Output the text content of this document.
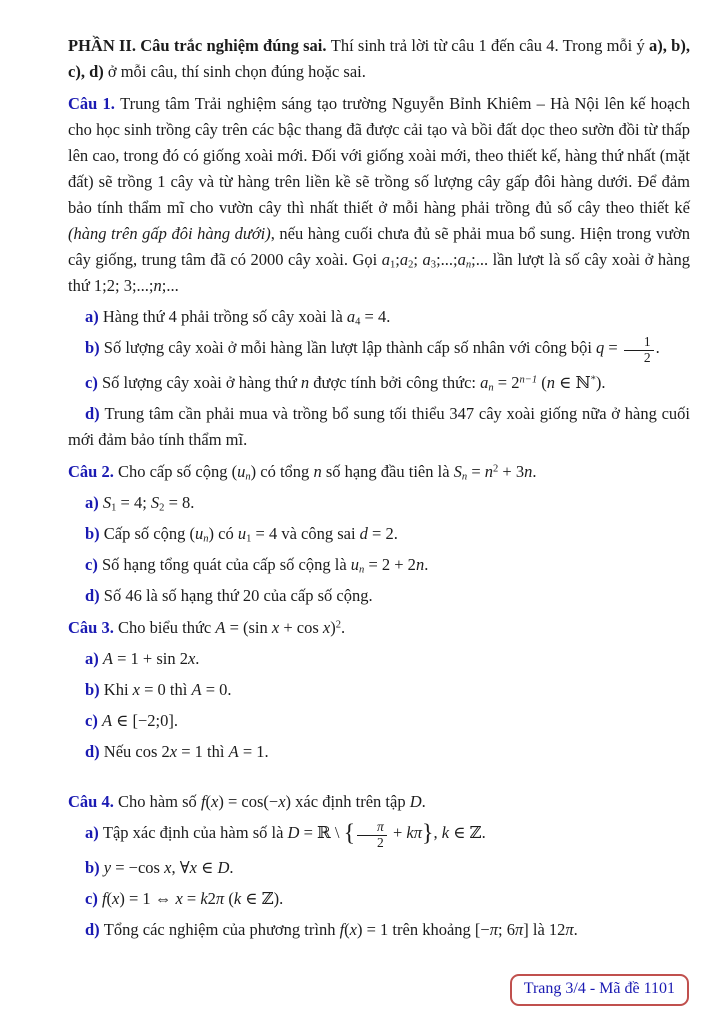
PHẦN II. Câu trắc nghiệm đúng sai. Thí sinh trả lời từ câu 1 đến câu 4. Trong mỗi ý a), b), c), d) ở mỗi câu, thí sinh chọn đúng hoặc sai.

Câu 1. Trung tâm Trải nghiệm sáng tạo trường Nguyễn Bỉnh Khiêm – Hà Nội lên kế hoạch cho học sinh trồng cây trên các bậc thang đã được cải tạo và bồi đất dọc theo sườn đồi từ thấp lên cao, trong đó có giống xoài mới. Đối với giống xoài mới, theo thiết kế, hàng thứ nhất (mặt đất) sẽ trồng 1 cây và từ hàng trên liền kề sẽ trồng số lượng cây gấp đôi hàng dưới. Để đảm bảo tính thẩm mĩ cho vườn cây thì nhất thiết ở mỗi hàng phải trồng đủ số cây theo thiết kế (hàng trên gấp đôi hàng dưới), nếu hàng cuối chưa đủ sẽ phải mua bổ sung. Hiện trong vườn cây giống, trung tâm đã có 2000 cây xoài. Gọi $a_1;a_2$; $a_3;...;a_n$;... lần lượt là số cây xoài ở hàng thứ 1;2; 3;...;n;...

a) Hàng thứ 4 phải trồng số cây xoài là $a_4 = 4$.

b) Số lượng cây xoài ở mỗi hàng lần lượt lập thành cấp số nhân với công bội $q = \frac{1}{2}$ .

c) Số lượng cây xoài ở hàng thứ n được tính bởi công thức: $a_n = 2^{n-1}$ (n ∈ ℕ*).

d) Trung tâm cần phải mua và trồng bổ sung tối thiểu 347 cây xoài giống nữa ở hàng cuối mới đảm bảo tính thẩm mĩ.

Câu 2. Cho cấp số cộng $(u_n)$ có tổng n số hạng đầu tiên là $S_n = n^2 + 3n$.

a) $S_1 = 4$; $S_2 = 8$.

b) Cấp số cộng $(u_n)$ có $u_1 = 4$ và công sai d = 2.

c) Số hạng tổng quát của cấp số cộng là $u_n = 2 + 2n$.

d) Số 46 là số hạng thứ 20 của cấp số cộng.

Câu 3. Cho biểu thức A = (sin x + cos x)$^2$.

a) A = 1 + sin 2x.

b) Khi x = 0 thì A = 0.

c) A ∈ [−2;0].

d) Nếu cos 2x = 1 thì A = 1.

Câu 4. Cho hàm số f(x) = cos(−x) xác định trên tập D.

a) Tập xác định của hàm số là D = ℝ \ { $\frac{\pi}{2} + k\pi$}, k ∈ ℤ.

b) y = −cos x, ∀x ∈ D.

c) f(x) = 1 ⇔ x = k2π (k ∈ ℤ).

d) Tổng các nghiệm của phương trình f(x) = 1 trên khoảng [−π; 6π] là 12π.

Trang 3/4 - Mã đề 1101
